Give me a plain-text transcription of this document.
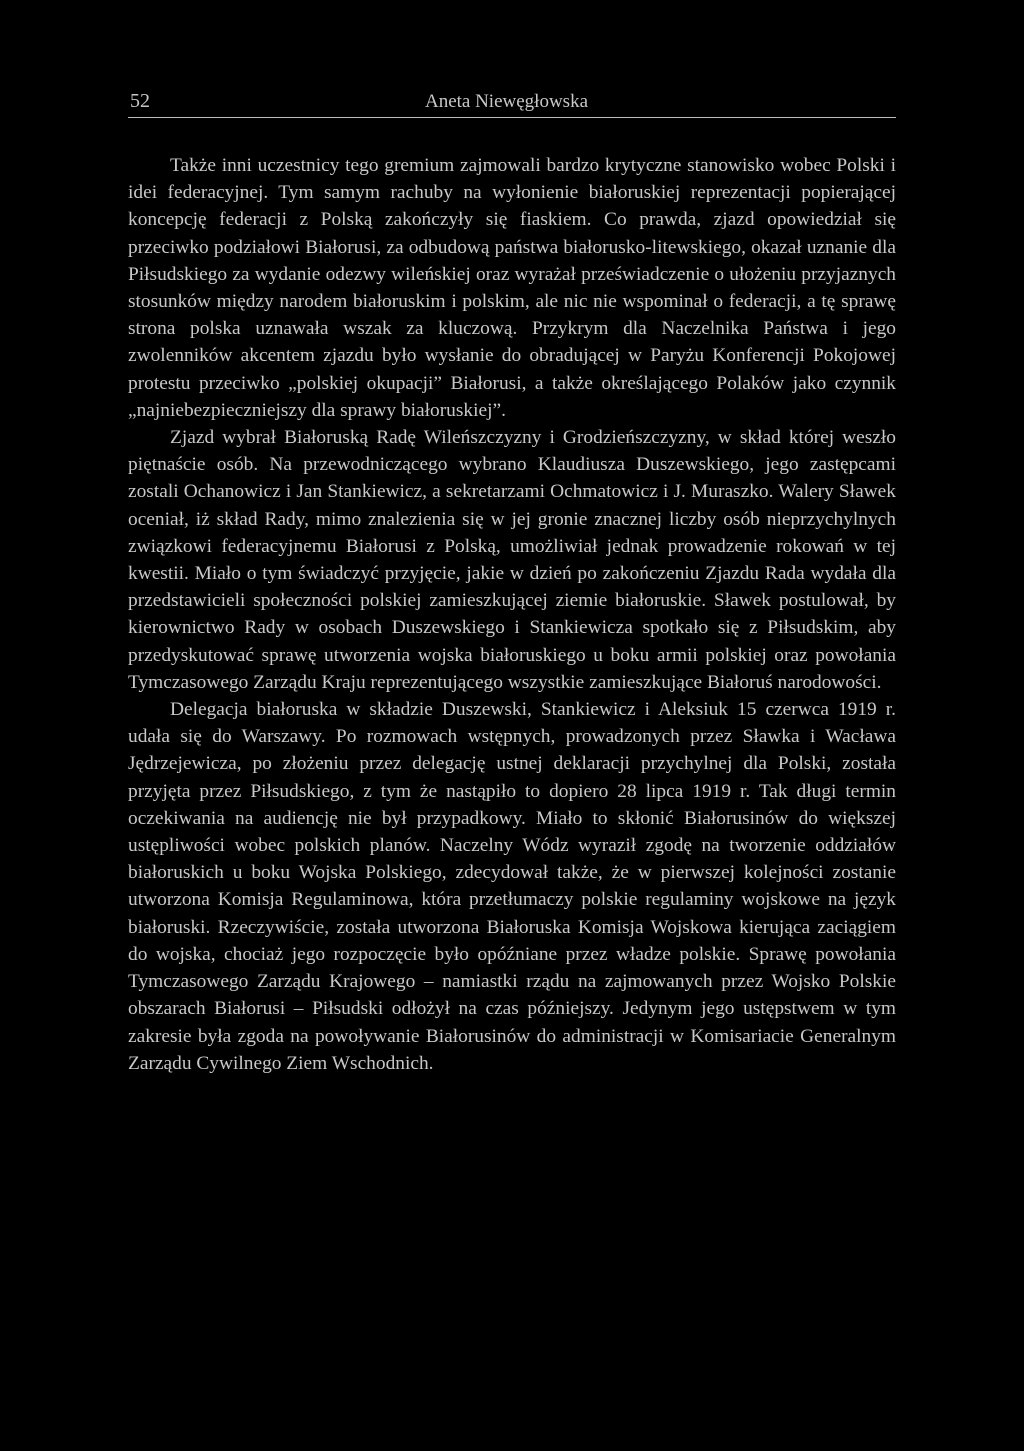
52	Aneta Niewęgłowska

Także inni uczestnicy tego gremium zajmowali bardzo krytyczne stanowisko wobec Polski i idei federacyjnej. Tym samym rachuby na wyłonienie białoruskiej reprezentacji popierającej koncepcję federacji z Polską zakończyły się fiaskiem. Co prawda, zjazd opowiedział się przeciwko podziałowi Białorusi, za odbudową państwa białorusko-litewskiego, okazał uznanie dla Piłsudskiego za wydanie odezwy wileńskiej oraz wyrażał przeświadczenie o ułożeniu przyjaznych stosunków między narodem białoruskim i polskim, ale nic nie wspominał o federacji, a tę sprawę strona polska uznawała wszak za kluczową. Przykrym dla Naczelnika Państwa i jego zwolenników akcentem zjazdu było wysłanie do obradującej w Paryżu Konferencji Pokojowej protestu przeciwko „polskiej okupacji” Białorusi, a także określającego Polaków jako czynnik „najniebezpieczniejszy dla sprawy białoruskiej”.

Zjazd wybrał Białoruską Radę Wileńszczyzny i Grodzieńszczyzny, w skład której weszło piętnaście osób. Na przewodniczącego wybrano Klaudiusza Duszewskiego, jego zastępcami zostali Ochanowicz i Jan Stankiewicz, a sekretarzami Ochmatowicz i J. Muraszko. Walery Sławek oceniał, iż skład Rady, mimo znalezienia się w jej gronie znacznej liczby osób nieprzychylnych związkowi federacyjnemu Białorusi z Polską, umożliwiał jednak prowadzenie rokowań w tej kwestii. Miało o tym świadczyć przyjęcie, jakie w dzień po zakończeniu Zjazdu Rada wydała dla przedstawicieli społeczności polskiej zamieszkującej ziemie białoruskie. Sławek postulował, by kierownictwo Rady w osobach Duszewskiego i Stankiewicza spotkało się z Piłsudskim, aby przedyskutować sprawę utworzenia wojska białoruskiego u boku armii polskiej oraz powołania Tymczasowego Zarządu Kraju reprezentującego wszystkie zamieszkujące Białoruś narodowości.

Delegacja białoruska w składzie Duszewski, Stankiewicz i Aleksiuk 15 czerwca 1919 r. udała się do Warszawy. Po rozmowach wstępnych, prowadzonych przez Sławka i Wacława Jędrzejewicza, po złożeniu przez delegację ustnej deklaracji przychylnej dla Polski, została przyjęta przez Piłsudskiego, z tym że nastąpiło to dopiero 28 lipca 1919 r. Tak długi termin oczekiwania na audiencję nie był przypadkowy. Miało to skłonić Białorusinów do większej ustępliwości wobec polskich planów. Naczelny Wódz wyraził zgodę na tworzenie oddziałów białoruskich u boku Wojska Polskiego, zdecydował także, że w pierwszej kolejności zostanie utworzona Komisja Regulaminowa, która przetłumaczy polskie regulaminy wojskowe na język białoruski. Rzeczywiście, została utworzona Białoruska Komisja Wojskowa kierująca zaciągiem do wojska, chociaż jego rozpoczęcie było opóźniane przez władze polskie. Sprawę powołania Tymczasowego Zarządu Krajowego – namiastki rządu na zajmowanych przez Wojsko Polskie obszarach Białorusi – Piłsudski odłożył na czas późniejszy. Jedynym jego ustępstwem w tym zakresie była zgoda na powoływanie Białorusinów do administracji w Komisariacie Generalnym Zarządu Cywilnego Ziem Wschodnich.
